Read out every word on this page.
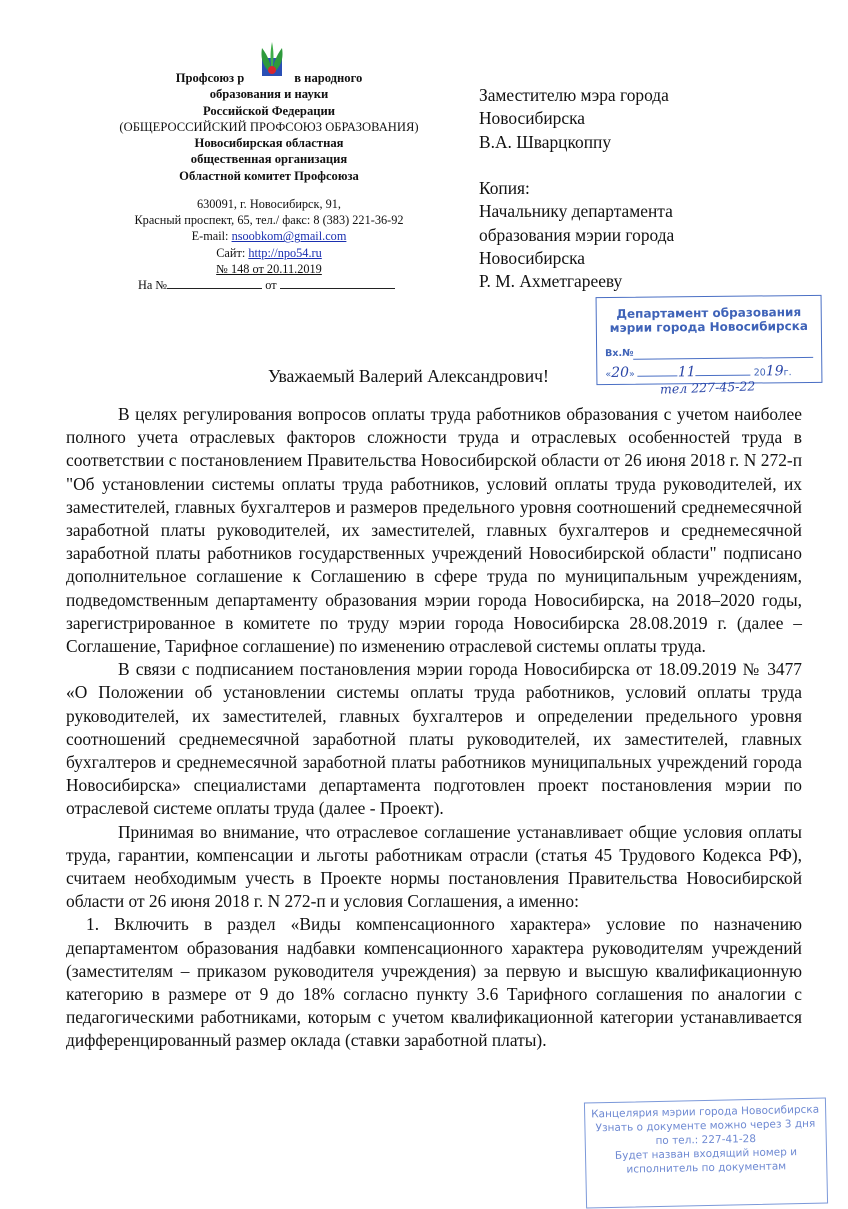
Профсоюз р	в народного
образования и науки
Российской Федерации
(ОБЩЕРОССИЙСКИЙ ПРОФСОЮЗ ОБРАЗОВАНИЯ)
Новосибирская областная
общественная организация
Областной комитет Профсоюза
630091, г. Новосибирск, 91,
Красный проспект, 65, тел./ факс: 8 (383) 221-36-92
E-mail: nsoobkom@gmail.com
Сайт: http://npo54.ru
№ 148 от 20.11.2019
На №	от
Заместителю мэра города
Новосибирска
В.А. Шварцкоппу
Копия:
Начальнику департамента
образования мэрии города
Новосибирска
Р. М. Ахметгарееву
Департамент образования
мэрии города Новосибирска
Вх.№
«20»	11	2019г.
тел 227-45-22
Уважаемый Валерий Александрович!

В целях регулирования вопросов оплаты труда работников образования с учетом наиболее полного учета отраслевых факторов сложности труда и отраслевых особенностей труда в соответствии с постановлением Правительства Новосибирской области от 26 июня 2018 г. N 272-п "Об установлении системы оплаты труда работников, условий оплаты труда руководителей, их заместителей, главных бухгалтеров и размеров предельного уровня соотношений среднемесячной заработной платы руководителей, их заместителей, главных бухгалтеров и среднемесячной заработной платы работников государственных учреждений Новосибирской области" подписано дополнительное соглашение к Соглашению в сфере труда по муниципальным учреждениям, подведомственным департаменту образования мэрии города Новосибирска, на 2018–2020 годы, зарегистрированное в комитете по труду мэрии города Новосибирска 28.08.2019 г. (далее – Соглашение, Тарифное соглашение) по изменению отраслевой системы оплаты труда.

В связи с подписанием постановления мэрии города Новосибирска от 18.09.2019 № 3477 «О Положении об установлении системы оплаты труда работников, условий оплаты труда руководителей, их заместителей, главных бухгалтеров и определении предельного уровня соотношений среднемесячной заработной платы руководителей, их заместителей, главных бухгалтеров и среднемесячной заработной платы работников муниципальных учреждений города Новосибирска» специалистами департамента подготовлен проект постановления мэрии по отраслевой системе оплаты труда (далее - Проект).

Принимая во внимание, что отраслевое соглашение устанавливает общие условия оплаты труда, гарантии, компенсации и льготы работникам отрасли (статья 45 Трудового Кодекса РФ), считаем необходимым учесть в Проекте нормы постановления Правительства Новосибирской области от 26 июня 2018 г. N 272-п и условия Соглашения, а именно:

1. Включить в раздел «Виды компенсационного характера» условие по назначению департаментом образования надбавки компенсационного характера руководителям учреждений (заместителям – приказом руководителя учреждения) за первую и высшую квалификационную категорию в размере от 9 до 18% согласно пункту 3.6 Тарифного соглашения по аналогии с педагогическими работниками, которым с учетом квалификационной категории устанавливается дифференцированный размер оклада (ставки заработной платы).

Канцелярия мэрии города Новосибирска
Узнать о документе можно через 3 дня
по тел.: 227-41-28
Будет назван входящий номер и
исполнитель по документам
